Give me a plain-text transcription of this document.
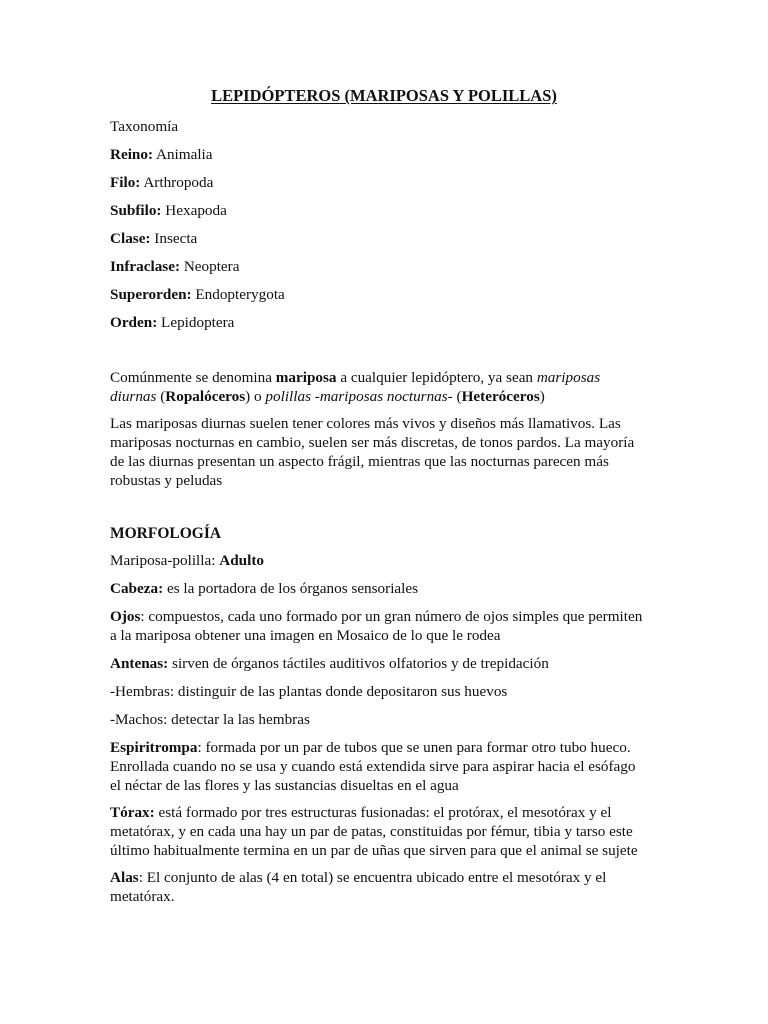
LEPIDÓPTEROS (MARIPOSAS Y POLILLAS)
Taxonomía
Reino: Animalia
Filo: Arthropoda
Subfilo: Hexapoda
Clase: Insecta
Infraclase: Neoptera
Superorden: Endopterygota
Orden: Lepidoptera
Comúnmente se denomina mariposa a cualquier lepidóptero, ya sean mariposas
diurnas (Ropalóceros) o polillas -mariposas nocturnas- (Heteróceros)
Las mariposas diurnas suelen tener colores más vivos y diseños más llamativos. Las
mariposas nocturnas en cambio, suelen ser más discretas, de tonos pardos. La mayoría
de las diurnas presentan un aspecto frágil, mientras que las nocturnas parecen más
robustas y peludas
MORFOLOGÍA
Mariposa-polilla: Adulto
Cabeza: es la portadora de los órganos sensoriales
Ojos: compuestos, cada uno formado por un gran número de ojos simples que permiten
a la mariposa obtener una imagen en Mosaico de lo que le rodea
Antenas: sirven de órganos táctiles auditivos olfatorios y de trepidación
-Hembras: distinguir de las plantas donde depositaron sus huevos
-Machos: detectar la las hembras
Espiritrompa: formada por un par de tubos que se unen para formar otro tubo hueco.
Enrollada cuando no se usa y cuando está extendida sirve para aspirar hacia el esófago
el néctar de las flores y las sustancias disueltas en el agua
Tórax: está formado por tres estructuras fusionadas: el protórax, el mesotórax y el
metatórax, y en cada una hay un par de patas, constituidas por fémur, tibia y tarso este
último habitualmente termina en un par de uñas que sirven para que el animal se sujete
Alas: El conjunto de alas (4 en total) se encuentra ubicado entre el mesotórax y el
metatórax.
